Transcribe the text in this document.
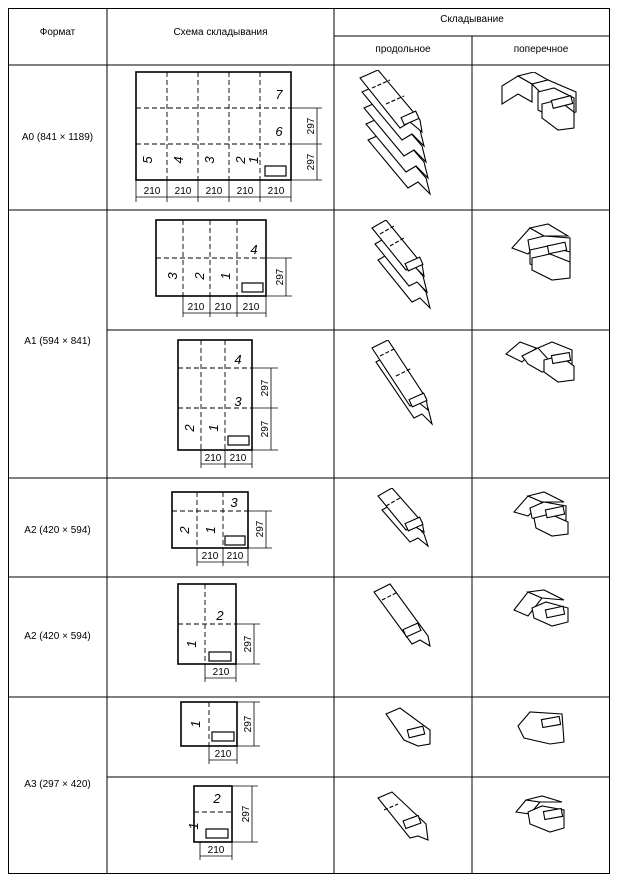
Формат	Схема складывания
Складывание
продольное	поперечное
А0 (841 × 1189)
А1 (594 × 841)
А2 (420 × 594)
А2 (420 × 594)
А3 (297 × 420)
5 4 3 2
1
6
7
210 210 210 210 210
297
297
3 2 1
4
210 210 210
297
2 1
3
4
210 210
297
297
2 1
3
210 210
297
1
2
210
297
1
210
297
1
2
210
297
